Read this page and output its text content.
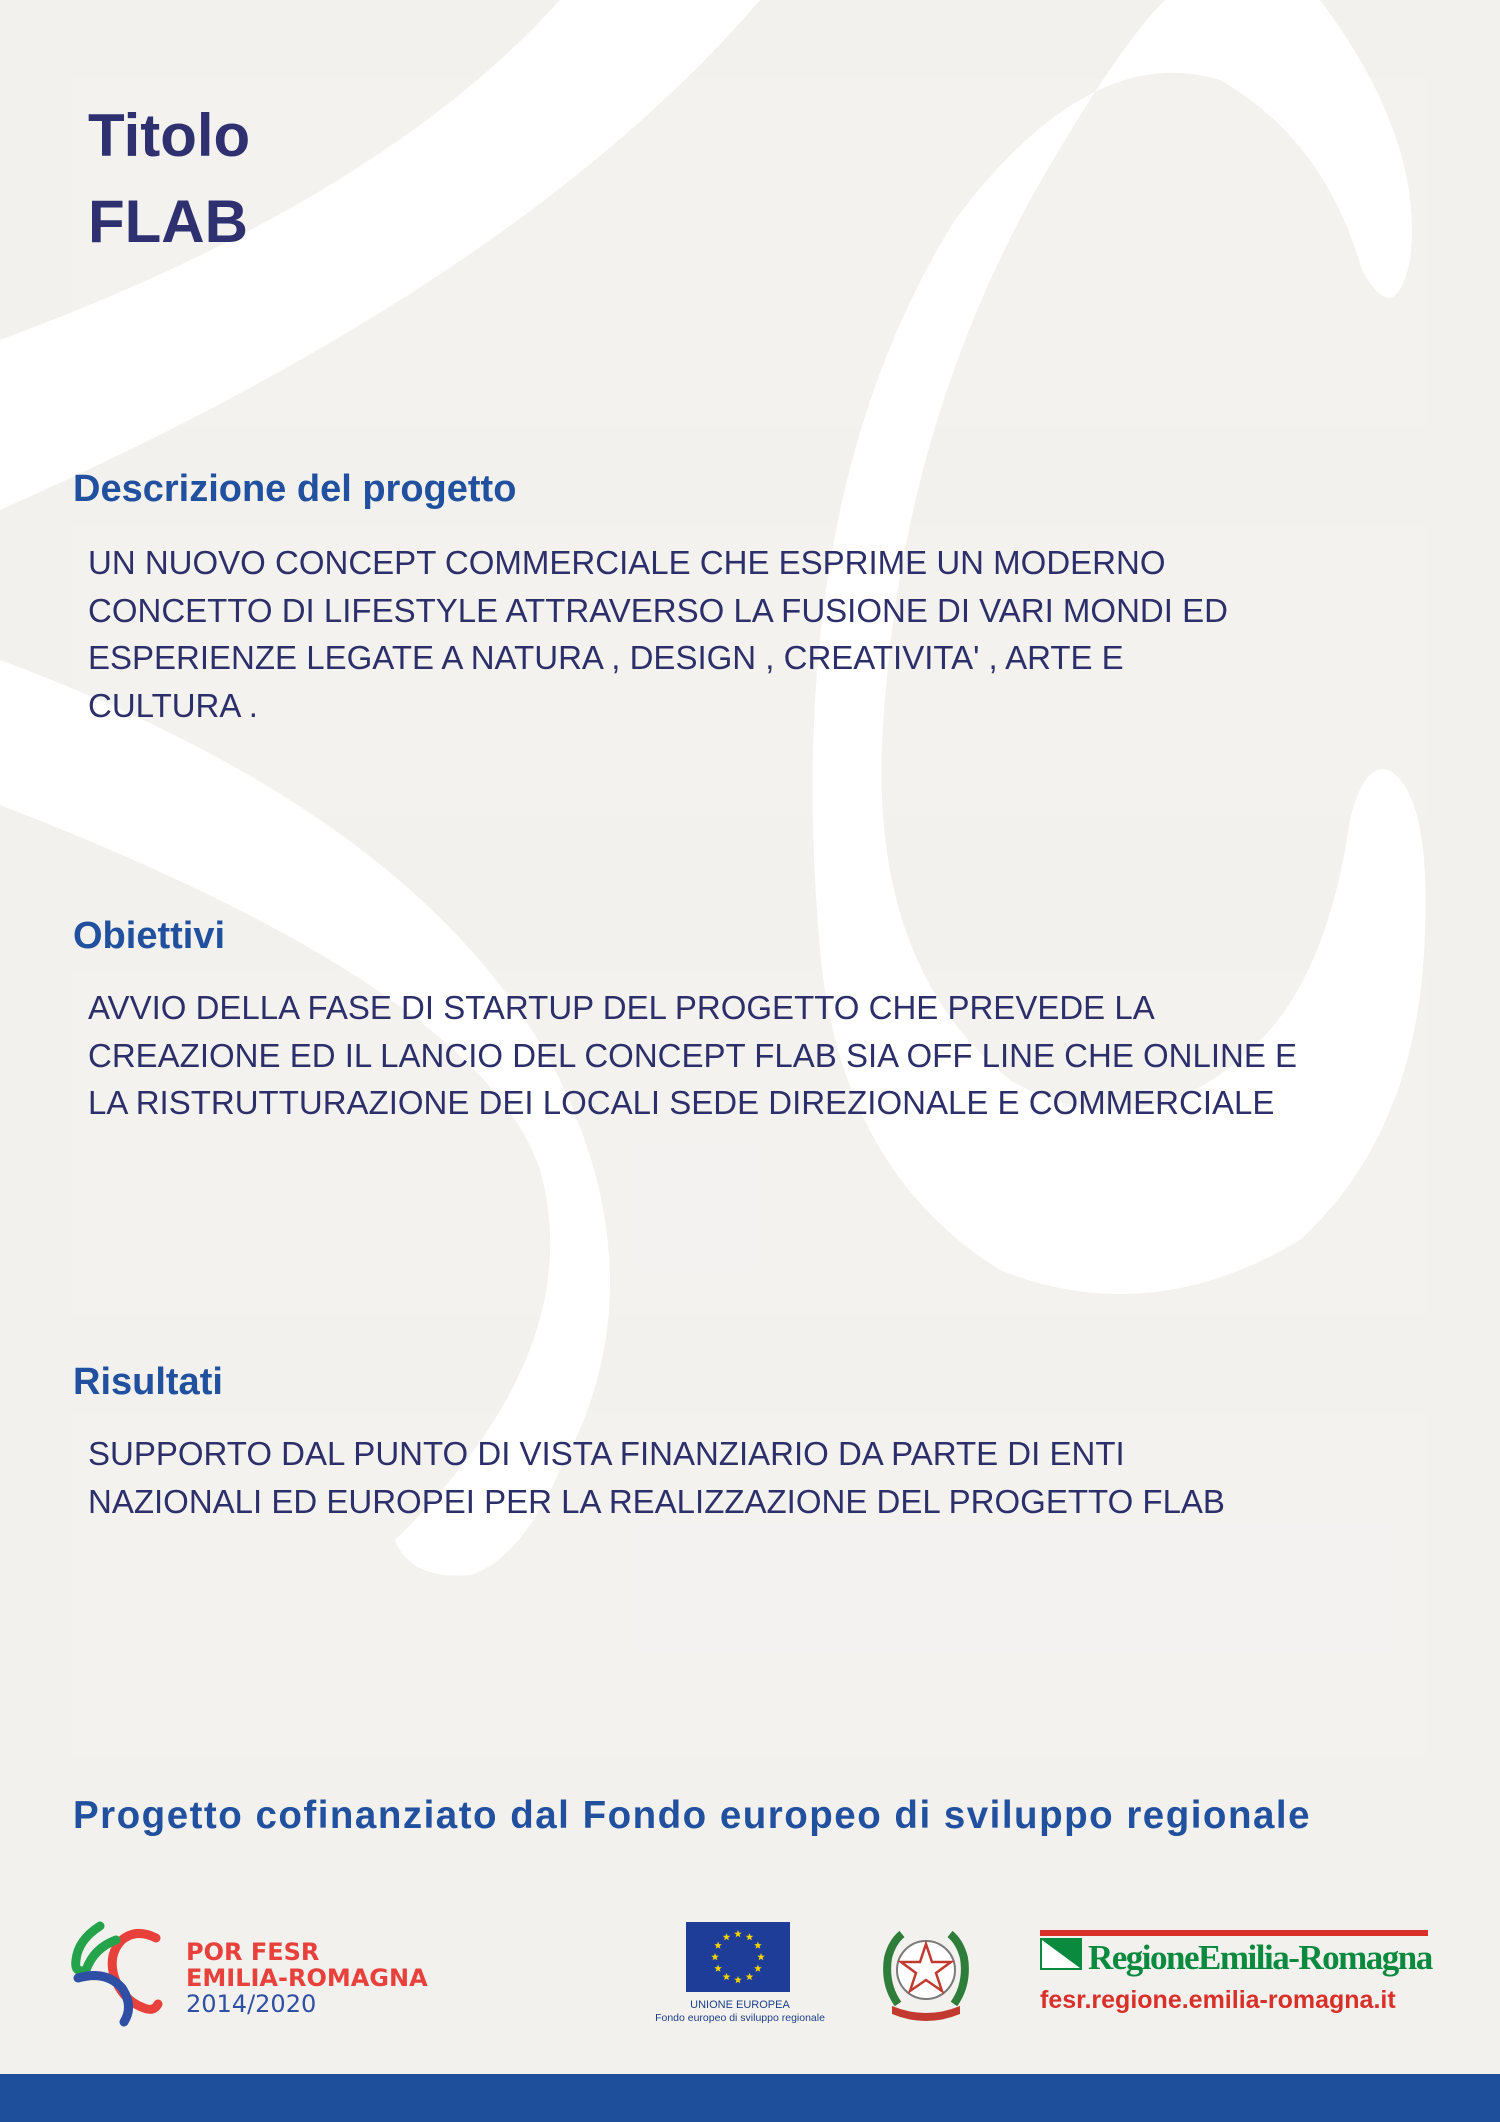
Titolo
FLAB
Descrizione del progetto
UN NUOVO CONCEPT COMMERCIALE CHE ESPRIME UN MODERNO
CONCETTO DI LIFESTYLE ATTRAVERSO LA FUSIONE DI VARI MONDI ED
ESPERIENZE LEGATE A NATURA , DESIGN , CREATIVITA' , ARTE E
CULTURA .
Obiettivi
AVVIO DELLA FASE DI STARTUP DEL PROGETTO CHE PREVEDE LA
CREAZIONE ED IL LANCIO DEL CONCEPT FLAB SIA OFF LINE CHE ONLINE E
LA RISTRUTTURAZIONE DEI LOCALI SEDE DIREZIONALE E COMMERCIALE
Risultati
SUPPORTO DAL PUNTO DI VISTA FINANZIARIO DA PARTE DI ENTI
NAZIONALI ED EUROPEI PER LA REALIZZAZIONE DEL PROGETTO FLAB

Progetto cofinanziato dal Fondo europeo di sviluppo regionale

POR FESR

EMILIA-ROMAGNA

2014/2020	UNIONE EUROPEA

Fondo europeo di sviluppo regionale

RegioneEmilia-Romagna

fesr.regione.emilia-romagna.it
